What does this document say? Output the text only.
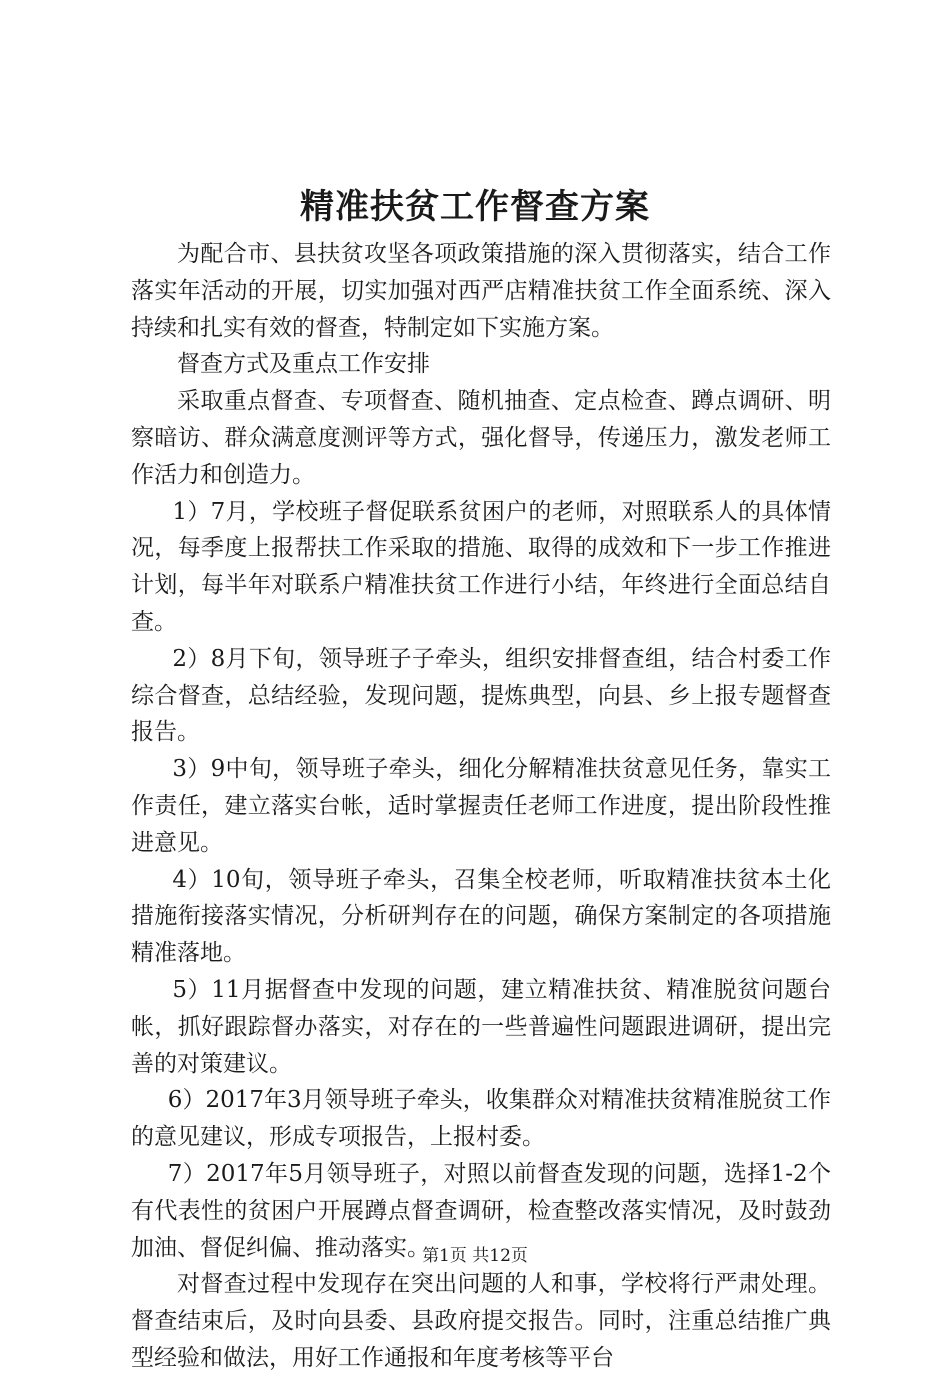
精准扶贫工作督查方案

为配合市、县扶贫攻坚各项政策措施的深入贯彻落实，结合工作落实年活动的开展，切实加强对西严店精准扶贫工作全面系统、深入持续和扎实有效的督查，特制定如下实施方案。

督查方式及重点工作安排

采取重点督查、专项督查、随机抽查、定点检查、蹲点调研、明察暗访、群众满意度测评等方式，强化督导，传递压力，激发老师工作活力和创造力。

1）7月，学校班子督促联系贫困户的老师，对照联系人的具体情况，每季度上报帮扶工作采取的措施、取得的成效和下一步工作推进计划，每半年对联系户精准扶贫工作进行小结，年终进行全面总结自查。

2）8月下旬，领导班子子牵头，组织安排督查组，结合村委工作综合督查，总结经验，发现问题，提炼典型，向县、乡上报专题督查报告。

3）9中旬，领导班子牵头，细化分解精准扶贫意见任务，靠实工作责任，建立落实台帐，适时掌握责任老师工作进度，提出阶段性推进意见。

4）10旬，领导班子牵头，召集全校老师，听取精准扶贫本土化措施衔接落实情况，分析研判存在的问题，确保方案制定的各项措施精准落地。

5）11月据督查中发现的问题，建立精准扶贫、精准脱贫问题台帐，抓好跟踪督办落实，对存在的一些普遍性问题跟进调研，提出完善的对策建议。

6）2017年3月领导班子牵头，收集群众对精准扶贫精准脱贫工作的意见建议，形成专项报告，上报村委。

7）2017年5月领导班子，对照以前督查发现的问题，选择1-2个有代表性的贫困户开展蹲点督查调研，检查整改落实情况，及时鼓劲加油、督促纠偏、推动落实。

对督查过程中发现存在突出问题的人和事，学校将行严肃处理。督查结束后，及时向县委、县政府提交报告。同时，注重总结推广典型经验和做法，用好工作通报和年度考核等平台

第1页 共12页
